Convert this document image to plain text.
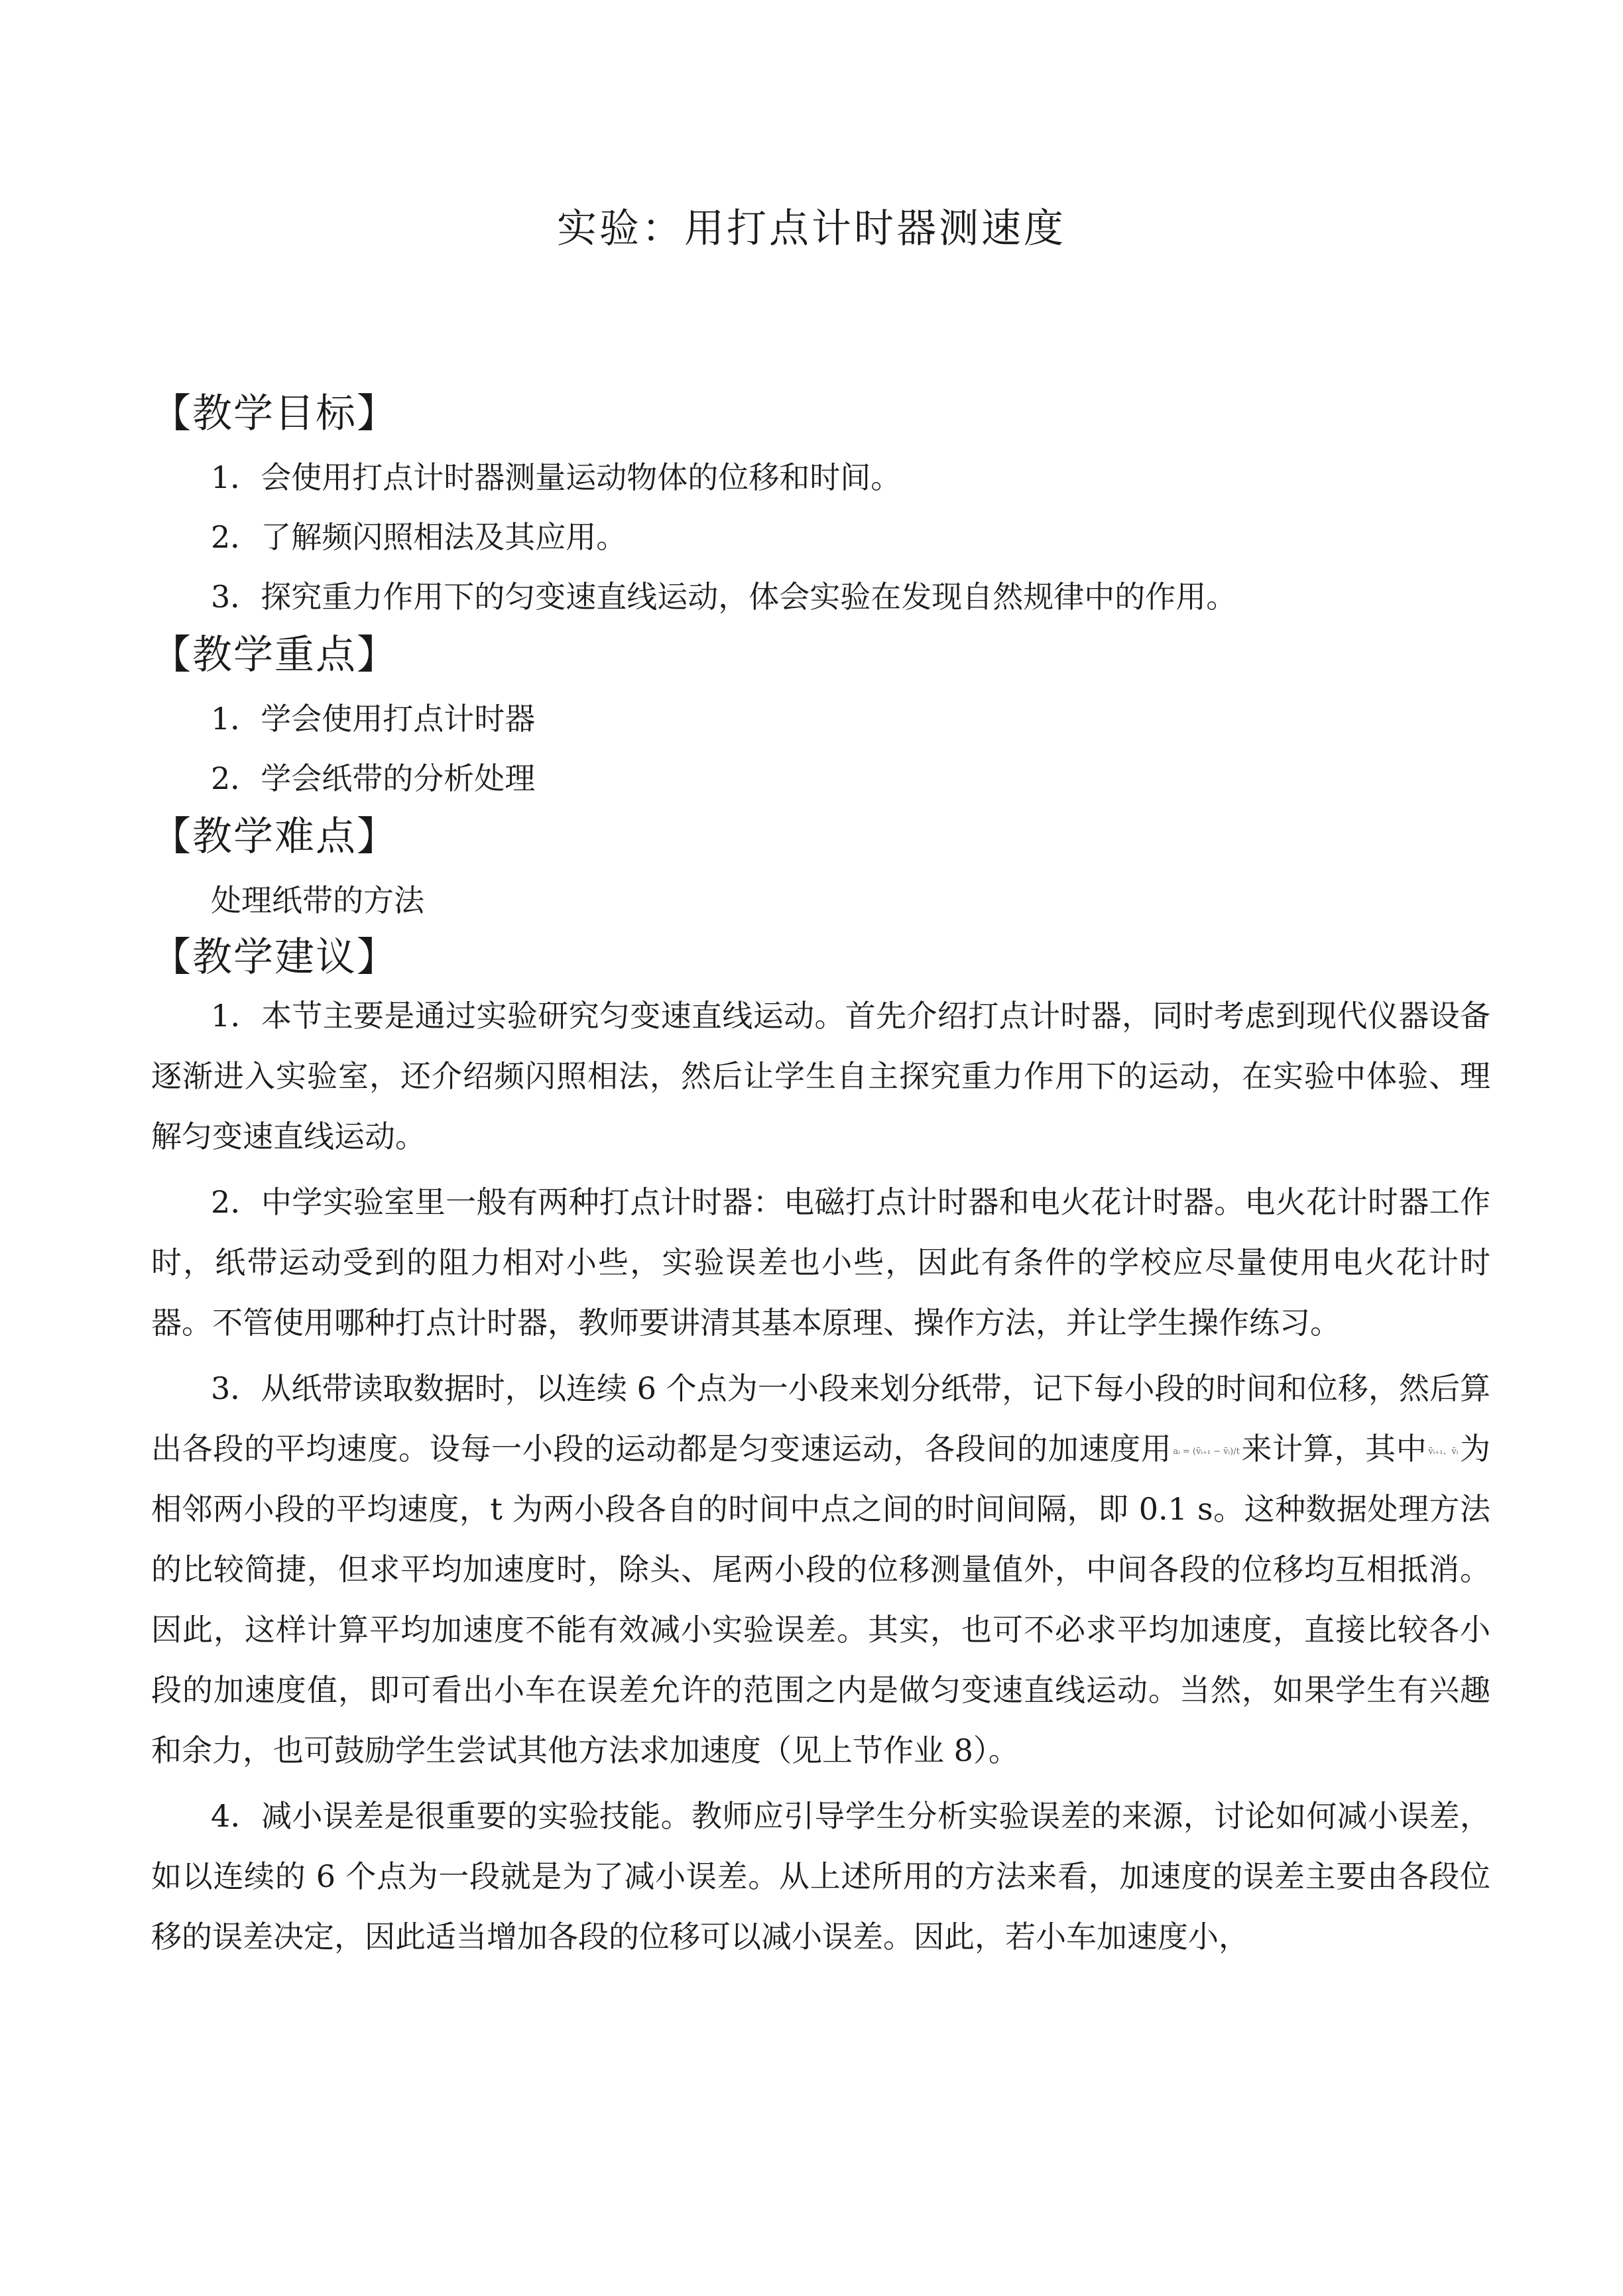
实验：用打点计时器测速度
【教学目标】
1．会使用打点计时器测量运动物体的位移和时间。
2．了解频闪照相法及其应用。
3．探究重力作用下的匀变速直线运动，体会实验在发现自然规律中的作用。
【教学重点】
1．学会使用打点计时器
2．学会纸带的分析处理
【教学难点】
处理纸带的方法
【教学建议】

1．本节主要是通过实验研究匀变速直线运动。首先介绍打点计时器，同时考虑到现代仪器设备逐渐进入实验室，还介绍频闪照相法，然后让学生自主探究重力作用下的运动，在实验中体验、理解匀变速直线运动。

2．中学实验室里一般有两种打点计时器：电磁打点计时器和电火花计时器。电火花计时器工作时，纸带运动受到的阻力相对小些，实验误差也小些，因此有条件的学校应尽量使用电火花计时器。不管使用哪种打点计时器，教师要讲清其基本原理、操作方法，并让学生操作练习。

3．从纸带读取数据时，以连续 6 个点为一小段来划分纸带，记下每小段的时间和位移，然后算出各段的平均速度。设每一小段的运动都是匀变速运动，各段间的加速度用 aᵢ = (v̄ᵢ₊₁ − v̄ᵢ)/t来计算，其中 v̄ᵢ₊₁、v̄ᵢ为相邻两小段的平均速度，t 为两小段各自的时间中点之间的时间间隔，即 0.1 s。这种数据处理方法的比较简捷，但求平均加速度时，除头、尾两小段的位移测量值外，中间各段的位移均互相抵消。因此，这样计算平均加速度不能有效减小实验误差。其实，也可不必求平均加速度，直接比较各小段的加速度值，即可看出小车在误差允许的范围之内是做匀变速直线运动。当然，如果学生有兴趣和余力，也可鼓励学生尝试其他方法求加速度（见上节作业 8）。

4．减小误差是很重要的实验技能。教师应引导学生分析实验误差的来源，讨论如何减小误差，如以连续的 6 个点为一段就是为了减小误差。从上述所用的方法来看，加速度的误差主要由各段位移的误差决定，因此适当增加各段的位移可以减小误差。因此，若小车加速度小，
